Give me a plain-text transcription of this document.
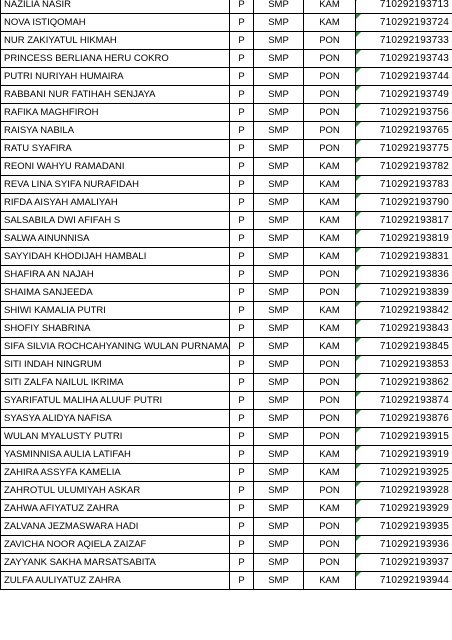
NAZILIA NASIR	P	SMP	KAM	710292193713
NOVA ISTIQOMAH	P	SMP	KAM	710292193724
NUR ZAKIYATUL HIKMAH	P	SMP	PON	710292193733
PRINCESS BERLIANA HERU COKRO	P	SMP	PON	710292193743
PUTRI NURIYAH HUMAIRA	P	SMP	PON	710292193744
RABBANI NUR FATIHAH SENJAYA	P	SMP	PON	710292193749
RAFIKA MAGHFIROH	P	SMP	PON	710292193756
RAISYA NABILA	P	SMP	PON	710292193765
RATU SYAFIRA	P	SMP	PON	710292193775
REONI WAHYU RAMADANI	P	SMP	KAM	710292193782
REVA LINA SYIFA NURAFIDAH	P	SMP	KAM	710292193783
RIFDA AISYAH AMALIYAH	P	SMP	KAM	710292193790
SALSABILA DWI AFIFAH S	P	SMP	KAM	710292193817
SALWA AINUNNISA	P	SMP	KAM	710292193819
SAYYIDAH KHODIJAH HAMBALI	P	SMP	KAM	710292193831
SHAFIRA AN NAJAH	P	SMP	PON	710292193836
SHAIMA SANJEEDA	P	SMP	PON	710292193839
SHIWI KAMALIA PUTRI	P	SMP	KAM	710292193842
SHOFIY SHABRINA	P	SMP	KAM	710292193843
SIFA SILVIA ROCHCAHYANING WULAN PURNAMA	P	SMP	KAM	710292193845
SITI INDAH NINGRUM	P	SMP	PON	710292193853
SITI ZALFA NAILUL IKRIMA	P	SMP	PON	710292193862
SYARIFATUL MALIHA ALUUF PUTRI	P	SMP	PON	710292193874
SYASYA ALIDYA NAFISA	P	SMP	PON	710292193876
WULAN MYALUSTY PUTRI	P	SMP	PON	710292193915
YASMINNISA AULIA LATIFAH	P	SMP	KAM	710292193919
ZAHIRA ASSYFA KAMELIA	P	SMP	KAM	710292193925
ZAHROTUL ULUMIYAH ASKAR	P	SMP	PON	710292193928
ZAHWA AFIYATUZ ZAHRA	P	SMP	KAM	710292193929
ZALVANA JEZMASWARA HADI	P	SMP	PON	710292193935
ZAVICHA NOOR AQIELA ZAIZAF	P	SMP	PON	710292193936
ZAYYANK SAKHA MARSATSABITA	P	SMP	PON	710292193937
ZULFA AULIYATUZ ZAHRA	P	SMP	KAM	710292193944
